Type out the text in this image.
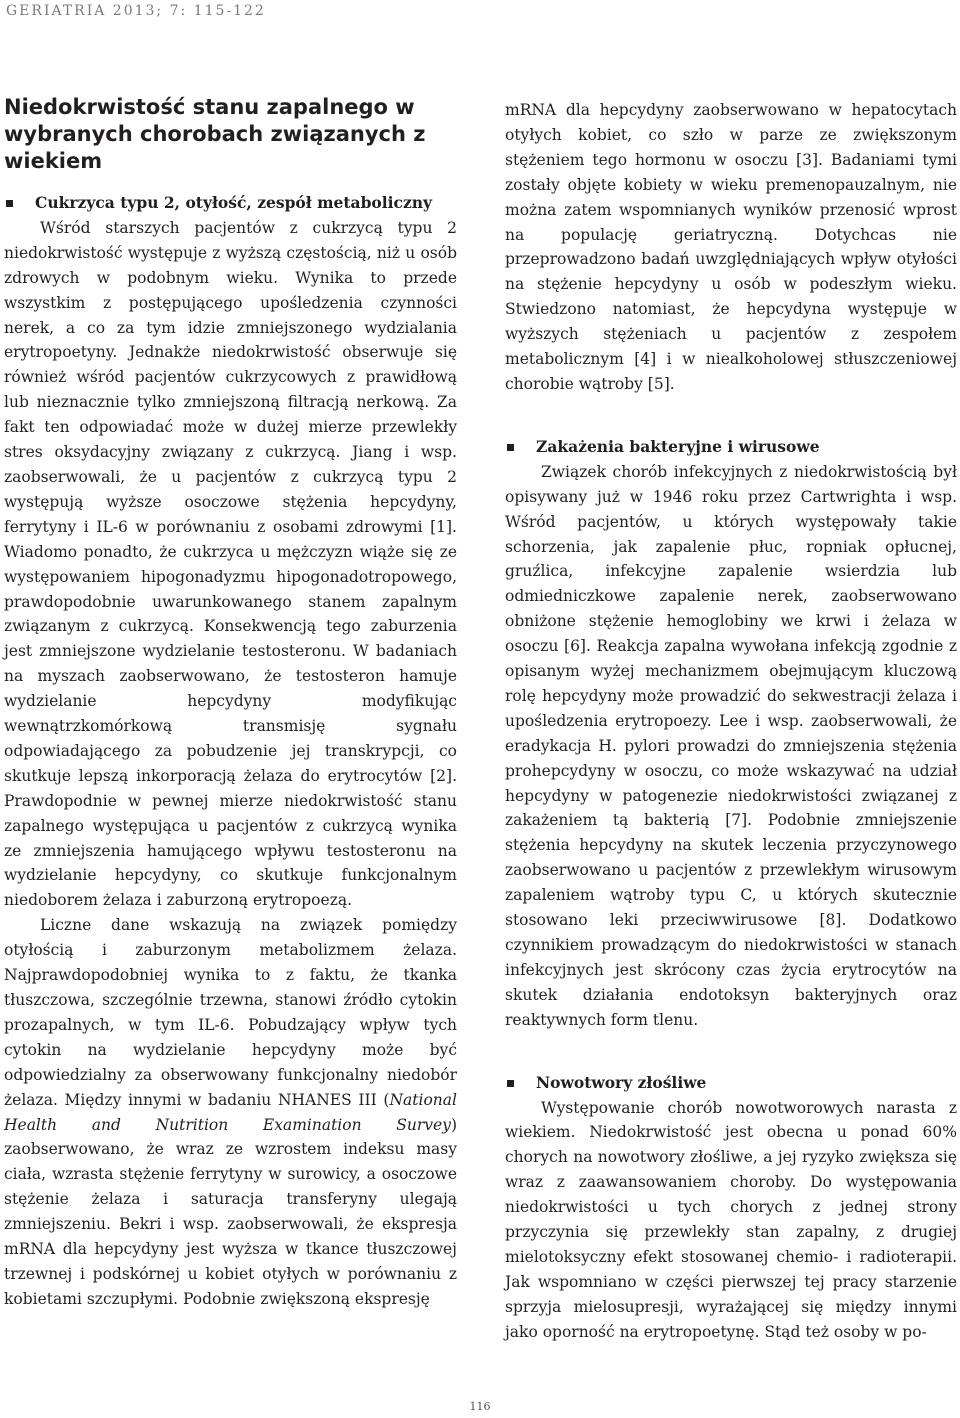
GERIATRIA 2013; 7: 115-122
Niedokrwistość stanu zapalnego w wybranych chorobach związanych z wiekiem
Cukrzyca typu 2, otyłość, zespół metaboliczny

Wśród starszych pacjentów z cukrzycą typu 2 niedokrwistość występuje z wyższą częstością, niż u osób zdrowych w podobnym wieku. Wynika to przede wszystkim z postępującego upośledzenia czynności nerek, a co za tym idzie zmniejszonego wydzialania erytropoetyny. Jednakże niedokrwistość obserwuje się również wśród pacjentów cukrzycowych z prawidłową lub nieznacznie tylko zmniejszoną filtracją nerkową. Za fakt ten odpowiadać może w dużej mierze przewlekły stres oksydacyjny związany z cukrzycą. Jiang i wsp. zaobserwowali, że u pacjentów z cukrzycą typu 2 występują wyższe osoczowe stężenia hepcydyny, ferrytyny i IL-6 w porównaniu z osobami zdrowymi [1]. Wiadomo ponadto, że cukrzyca u mężczyzn wiąże się ze występowaniem hipogonadyzmu hipogonadotropowego, prawdopodobnie uwarunkowanego stanem zapalnym związanym z cukrzycą. Konsekwencją tego zaburzenia jest zmniejszone wydzielanie testosteronu. W badaniach na myszach zaobserwowano, że testosteron hamuje wydzielanie hepcydyny modyfikując wewnątrzkomórkową transmisję sygnału odpowiadającego za pobudzenie jej transkrypcji, co skutkuje lepszą inkorporacją żelaza do erytrocytów [2]. Prawdopodnie w pewnej mierze niedokrwistość stanu zapalnego występująca u pacjentów z cukrzycą wynika ze zmniejszenia hamującego wpływu testosteronu na wydzielanie hepcydyny, co skutkuje funkcjonalnym niedoborem żelaza i zaburzoną erytropoezą.

Liczne dane wskazują na związek pomiędzy otyłością i zaburzonym metabolizmem żelaza. Najprawdopodobniej wynika to z faktu, że tkanka tłuszczowa, szczególnie trzewna, stanowi źródło cytokin prozapalnych, w tym IL-6. Pobudzający wpływ tych cytokin na wydzielanie hepcydyny może być odpowiedzialny za obserwowany funkcjonalny niedobór żelaza. Między innymi w badaniu NHANES III (National Health and Nutrition Examination Survey) zaobserwowano, że wraz ze wzrostem indeksu masy ciała, wzrasta stężenie ferrytyny w surowicy, a osoczowe stężenie żelaza i saturacja transferyny ulegają zmniejszeniu. Bekri i wsp. zaobserwowali, że ekspresja mRNA dla hepcydyny jest wyższa w tkance tłuszczowej trzewnej i podskórnej u kobiet otyłych w porównaniu z kobietami szczupłymi. Podobnie zwiększoną ekspresję

mRNA dla hepcydyny zaobserwowano w hepatocytach otyłych kobiet, co szło w parze ze zwiększonym stężeniem tego hormonu w osoczu [3]. Badaniami tymi zostały objęte kobiety w wieku premenopauzalnym, nie można zatem wspomnianych wyników przenosić wprost na populację geriatryczną. Dotychcas nie przeprowadzono badań uwzględniających wpływ otyłości na stężenie hepcydyny u osób w podeszłym wieku. Stwiedzono natomiast, że hepcydyna występuje w wyższych stężeniach u pacjentów z zespołem metabolicznym [4] i w niealkoholowej stłuszczeniowej chorobie wątroby [5].

Zakażenia bakteryjne i wirusowe

Związek chorób infekcyjnych z niedokrwistością był opisywany już w 1946 roku przez Cartwrighta i wsp. Wśród pacjentów, u których występowały takie schorzenia, jak zapalenie płuc, ropniak opłucnej, gruźlica, infekcyjne zapalenie wsierdzia lub odmiedniczkowe zapalenie nerek, zaobserwowano obniżone stężenie hemoglobiny we krwi i żelaza w osoczu [6]. Reakcja zapalna wywołana infekcją zgodnie z opisanym wyżej mechanizmem obejmującym kluczową rolę hepcydyny może prowadzić do sekwestracji żelaza i upośledzenia erytropoezy. Lee i wsp. zaobserwowali, że eradykacja H. pylori prowadzi do zmniejszenia stężenia prohepcydyny w osoczu, co może wskazywać na udział hepcydyny w patogenezie niedokrwistości związanej z zakażeniem tą bakterią [7]. Podobnie zmniejszenie stężenia hepcydyny na skutek leczenia przyczynowego zaobserwowano u pacjentów z przewlekłym wirusowym zapaleniem wątroby typu C, u których skutecznie stosowano leki przeciwwirusowe [8]. Dodatkowo czynnikiem prowadzącym do niedokrwistości w stanach infekcyjnych jest skrócony czas życia erytrocytów na skutek działania endotoksyn bakteryjnych oraz reaktywnych form tlenu.

Nowotwory złośliwe

Występowanie chorób nowotworowych narasta z wiekiem. Niedokrwistość jest obecna u ponad 60% chorych na nowotwory złośliwe, a jej ryzyko zwiększa się wraz z zaawansowaniem choroby. Do występowania niedokrwistości u tych chorych z jednej strony przyczynia się przewlekły stan zapalny, z drugiej mielotoksyczny efekt stosowanej chemio- i radioterapii. Jak wspomniano w części pierwszej tej pracy starzenie sprzyja mielosupresji, wyrażającej się między innymi jako oporność na erytropoetynę. Stąd też osoby w po-

116
